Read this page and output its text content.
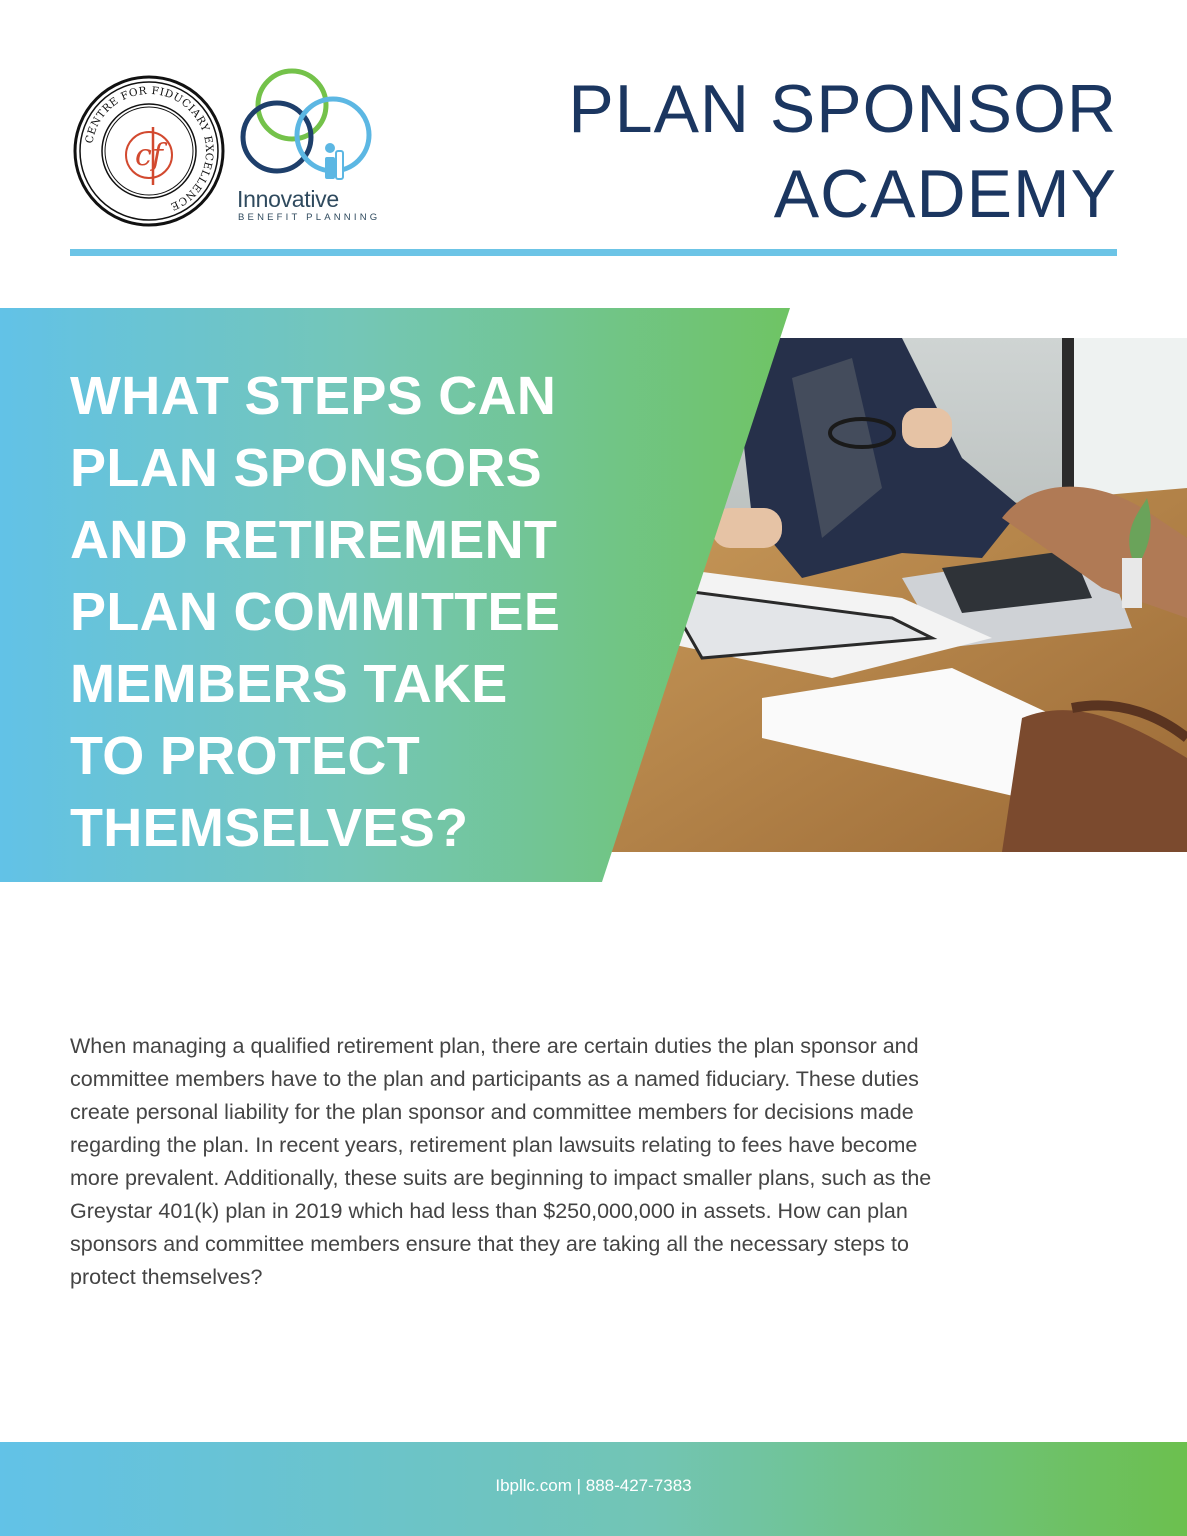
CENTRE FOR FIDUCIARY EXCELLENCE
cf
Innovative
BENEFIT PLANNING
PLAN SPONSOR
ACADEMY
WHAT STEPS CAN
PLAN SPONSORS
AND RETIREMENT
PLAN COMMITTEE
MEMBERS TAKE
TO PROTECT
THEMSELVES?
When managing a qualified retirement plan, there are certain duties the plan sponsor and
committee members have to the plan and participants as a named fiduciary. These duties
create personal liability for the plan sponsor and committee members for decisions made
regarding the plan. In recent years, retirement plan lawsuits relating to fees have become
more prevalent. Additionally, these suits are beginning to impact smaller plans, such as the
Greystar 401(k) plan in 2019 which had less than $250,000,000 in assets. How can plan
sponsors and committee members ensure that they are taking all the necessary steps to
protect themselves?
Ibpllc.com | 888-427-7383
